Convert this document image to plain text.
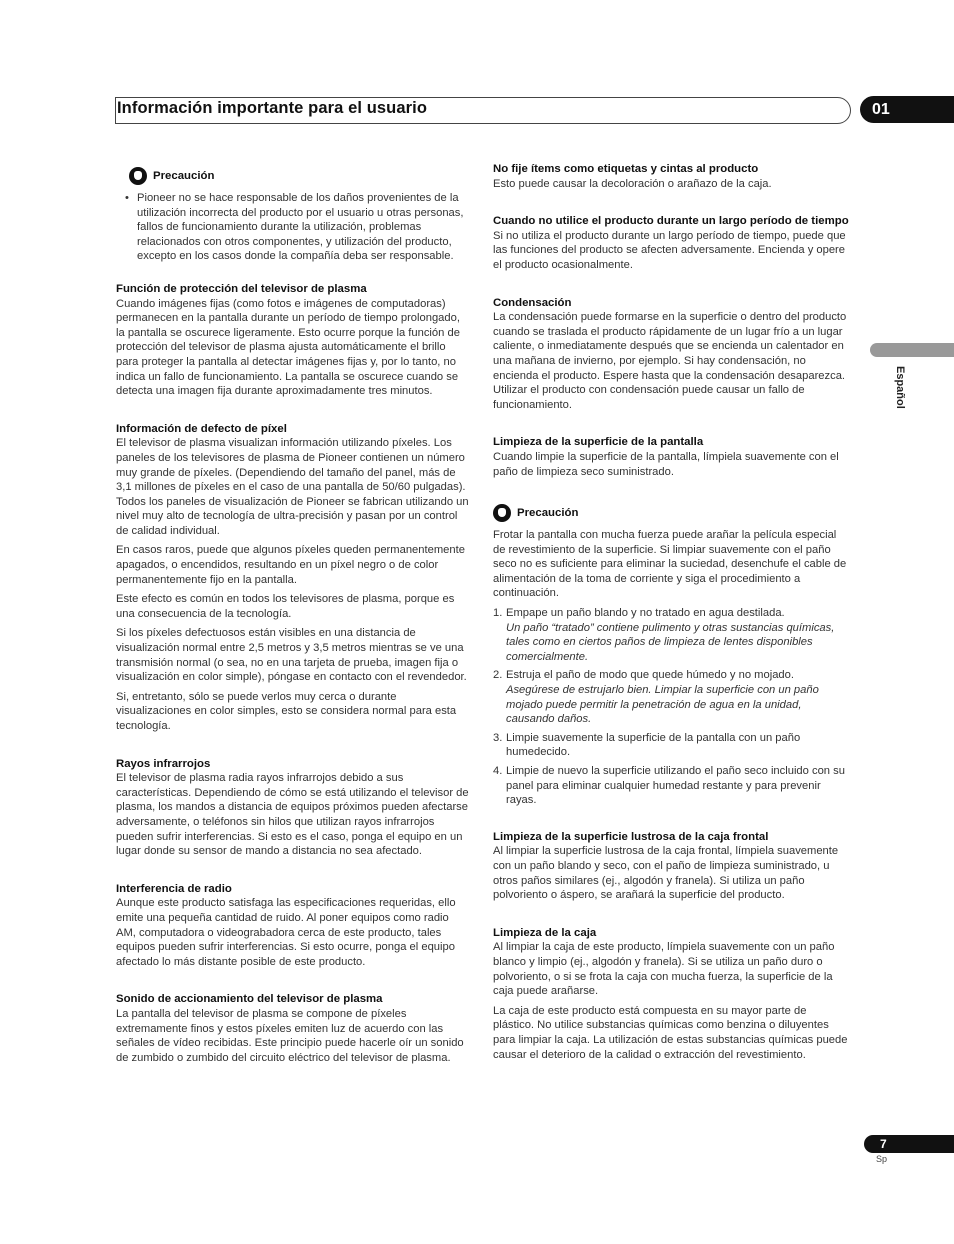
Información importante para el usuario	01
Español
Precaución
• Pioneer no se hace responsable de los daños provenientes de la utilización incorrecta del producto por el usuario u otras personas, fallos de funcionamiento durante la utilización, problemas relacionados con otros componentes, y utilización del producto, excepto en los casos donde la compañía deba ser responsable.

Función de protección del televisor de plasma

Cuando imágenes fijas (como fotos e imágenes de computadoras) permanecen en la pantalla durante un período de tiempo prolongado, la pantalla se oscurece ligeramente. Esto ocurre porque la función de protección del televisor de plasma ajusta automáticamente el brillo para proteger la pantalla al detectar imágenes fijas y, por lo tanto, no indica un fallo de funcionamiento. La pantalla se oscurece cuando se detecta una imagen fija durante aproximadamente tres minutos.

Información de defecto de píxel

El televisor de plasma visualizan información utilizando píxeles. Los paneles de los televisores de plasma de Pioneer contienen un número muy grande de píxeles. (Dependiendo del tamaño del panel, más de 3,1 millones de píxeles en el caso de una pantalla de 50/60 pulgadas). Todos los paneles de visualización de Pioneer se fabrican utilizando un nivel muy alto de tecnología de ultra-precisión y pasan por un control de calidad individual.

En casos raros, puede que algunos píxeles queden permanentemente apagados, o encendidos, resultando en un píxel negro o de color permanentemente fijo en la pantalla.

Este efecto es común en todos los televisores de plasma, porque es una consecuencia de la tecnología.

Si los píxeles defectuosos están visibles en una distancia de visualización normal entre 2,5 metros y 3,5 metros mientras se ve una transmisión normal (o sea, no en una tarjeta de prueba, imagen fija o visualización en color simple), póngase en contacto con el revendedor.

Si, entretanto, sólo se puede verlos muy cerca o durante visualizaciones en color simples, esto se considera normal para esta tecnología.

Rayos infrarrojos

El televisor de plasma radia rayos infrarrojos debido a sus características. Dependiendo de cómo se está utilizando el televisor de plasma, los mandos a distancia de equipos próximos pueden afectarse adversamente, o teléfonos sin hilos que utilizan rayos infrarrojos pueden sufrir interferencias. Si esto es el caso, ponga el equipo en un lugar donde su sensor de mando a distancia no sea afectado.

Interferencia de radio

Aunque este producto satisfaga las especificaciones requeridas, ello emite una pequeña cantidad de ruido. Al poner equipos como radio AM, computadora o videograbadora cerca de este producto, tales equipos pueden sufrir interferencias. Si esto ocurre, ponga el equipo afectado lo más distante posible de este producto.

Sonido de accionamiento del televisor de plasma

La pantalla del televisor de plasma se compone de píxeles extremamente finos y estos píxeles emiten luz de acuerdo con las señales de vídeo recibidas. Este principio puede hacerle oír un sonido de zumbido o zumbido del circuito eléctrico del televisor de plasma.

No fije ítems como etiquetas y cintas al producto

Esto puede causar la decoloración o arañazo de la caja.

Cuando no utilice el producto durante un largo período de tiempo

Si no utiliza el producto durante un largo período de tiempo, puede que las funciones del producto se afecten adversamente. Encienda y opere el producto ocasionalmente.

Condensación

La condensación puede formarse en la superficie o dentro del producto cuando se traslada el producto rápidamente de un lugar frío a un lugar caliente, o inmediatamente después que se encienda un calentador en una mañana de invierno, por ejemplo. Si hay condensación, no encienda el producto. Espere hasta que la condensación desaparezca. Utilizar el producto con condensación puede causar un fallo de funcionamiento.

Limpieza de la superficie de la pantalla

Cuando limpie la superficie de la pantalla, límpiela suavemente con el paño de limpieza seco suministrado.

Precaución

Frotar la pantalla con mucha fuerza puede arañar la película especial de revestimiento de la superficie. Si limpiar suavemente con el paño seco no es suficiente para eliminar la suciedad, desenchufe el cable de alimentación de la toma de corriente y siga el procedimiento a continuación.

1. Empape un paño blando y no tratado en agua destilada.
Un paño “tratado” contiene pulimento y otras sustancias químicas, tales como en ciertos paños de limpieza de lentes disponibles comercialmente.
2. Estruja el paño de modo que quede húmedo y no mojado.
Asegúrese de estrujarlo bien. Limpiar la superficie con un paño mojado puede permitir la penetración de agua en la unidad, causando daños.
3. Limpie suavemente la superficie de la pantalla con un paño humedecido.
4. Limpie de nuevo la superficie utilizando el paño seco incluido con su panel para eliminar cualquier humedad restante y para prevenir rayas.

Limpieza de la superficie lustrosa de la caja frontal

Al limpiar la superficie lustrosa de la caja frontal, límpiela suavemente con un paño blando y seco, con el paño de limpieza suministrado, u otros paños similares (ej., algodón y franela). Si utiliza un paño polvoriento o áspero, se arañará la superficie del producto.

Limpieza de la caja

Al limpiar la caja de este producto, límpiela suavemente con un paño blanco y limpio (ej., algodón y franela). Si se utiliza un paño duro o polvoriento, o si se frota la caja con mucha fuerza, la superficie de la caja puede arañarse.

La caja de este producto está compuesta en su mayor parte de plástico. No utilice substancias químicas como benzina o diluyentes para limpiar la caja. La utilización de estas substancias químicas puede causar el deterioro de la calidad o extracción del revestimiento.

7
Sp
